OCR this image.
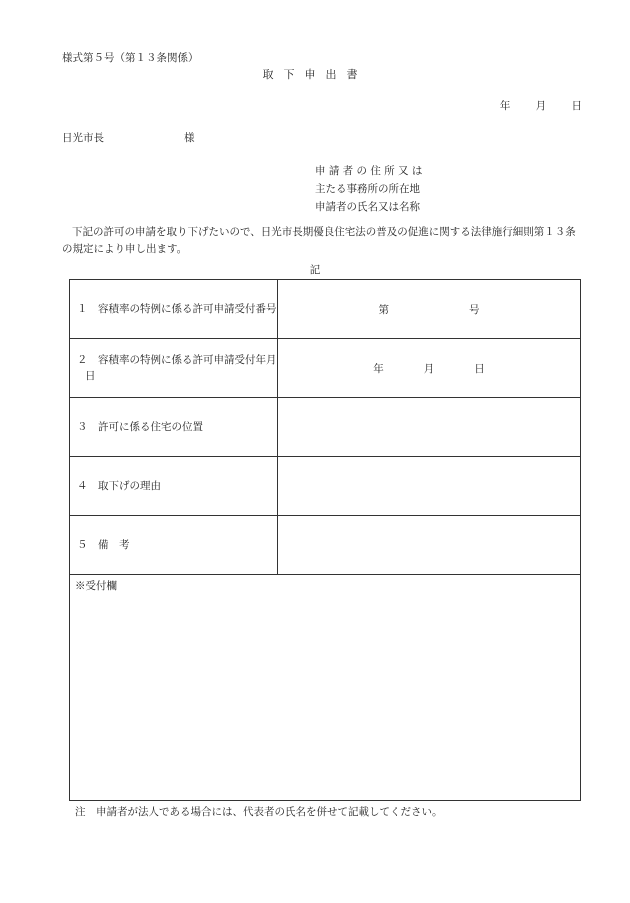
様式第５号（第１３条関係）
取下申出書
年 月 日
日光市長	様
申 請 者 の 住 所 又 は
主たる事務所の所在地
申請者の氏名又は名称
下記の許可の申請を取り下げたいので、日光市長期優良住宅法の普及の促進に関する法律施行細則第１３条の規定により申し出ます。
記
１　容積率の特例に係る許可申請受付番号	第 号

２　容積率の特例に係る許可申請受付年月日	年 月 日

３　許可に係る住宅の位置	
４　取下げの理由	
５　備　考	
※受付欄	
注　申請者が法人である場合には、代表者の氏名を併せて記載してください。
